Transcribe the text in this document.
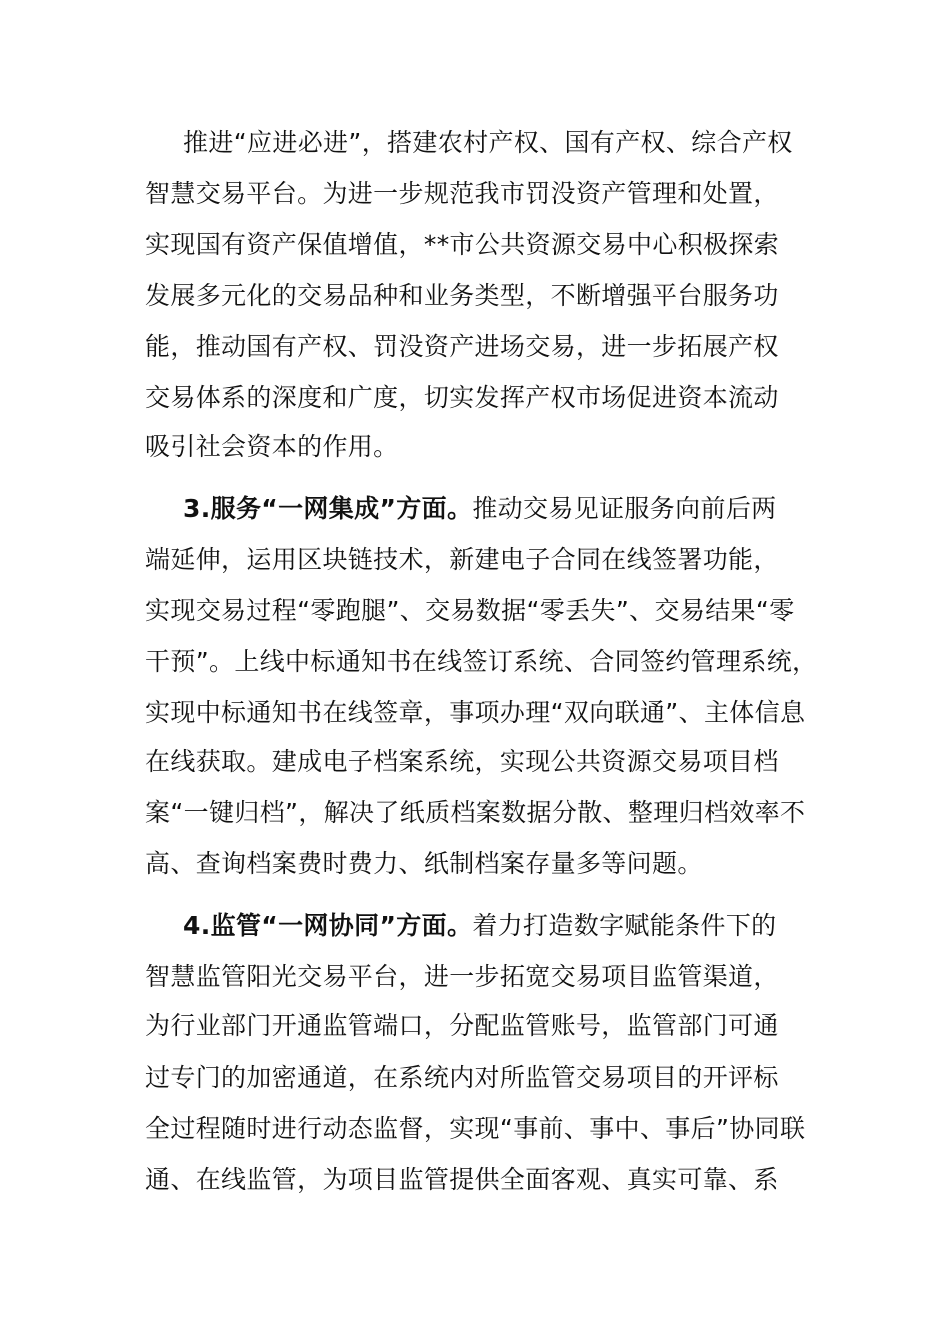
推进“应进必进”，搭建农村产权、国有产权、综合产权
智慧交易平台。为进一步规范我市罚没资产管理和处置，
实现国有资产保值增值，**市公共资源交易中心积极探索
发展多元化的交易品种和业务类型，不断增强平台服务功
能，推动国有产权、罚没资产进场交易，进一步拓展产权
交易体系的深度和广度，切实发挥产权市场促进资本流动
吸引社会资本的作用。
3.服务“一网集成”方面。推动交易见证服务向前后两
端延伸，运用区块链技术，新建电子合同在线签署功能，
实现交易过程“零跑腿”、交易数据“零丢失”、交易结果“零
干预”。上线中标通知书在线签订系统、合同签约管理系统，
实现中标通知书在线签章，事项办理“双向联通”、主体信息
在线获取。建成电子档案系统，实现公共资源交易项目档
案“一键归档”，解决了纸质档案数据分散、整理归档效率不
高、查询档案费时费力、纸制档案存量多等问题。
4.监管“一网协同”方面。着力打造数字赋能条件下的
智慧监管阳光交易平台，进一步拓宽交易项目监管渠道，
为行业部门开通监管端口，分配监管账号，监管部门可通
过专门的加密通道，在系统内对所监管交易项目的开评标
全过程随时进行动态监督，实现“事前、事中、事后”协同联
通、在线监管，为项目监管提供全面客观、真实可靠、系
